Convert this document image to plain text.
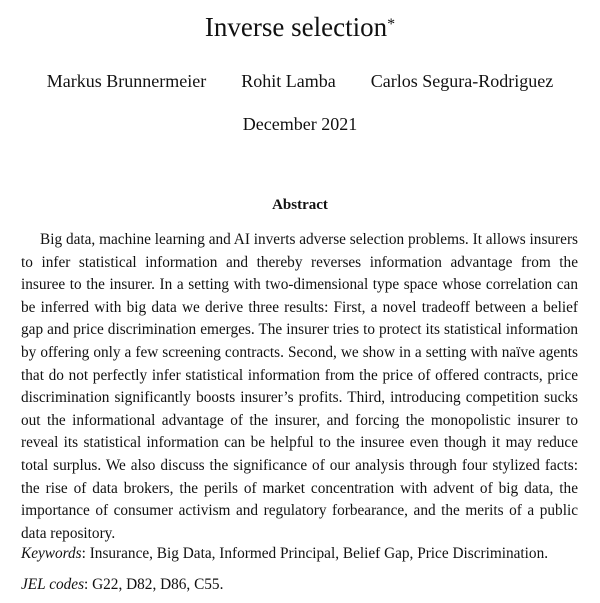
Inverse selection*
Markus Brunnermeier Rohit Lamba Carlos Segura-Rodriguez
December 2021
Abstract
Big data, machine learning and AI inverts adverse selection problems. It allows insurers to infer statistical information and thereby reverses information advantage from the insuree to the insurer. In a setting with two-dimensional type space whose correlation can be inferred with big data we derive three results: First, a novel tradeoff between a belief gap and price discrimination emerges. The insurer tries to protect its statistical information by offering only a few screening contracts. Second, we show in a setting with naïve agents that do not perfectly infer statistical information from the price of offered contracts, price discrimination significantly boosts insurer’s profits. Third, introducing competition sucks out the informational advantage of the insurer, and forcing the monopolistic insurer to reveal its statistical information can be helpful to the insuree even though it may reduce total surplus. We also discuss the significance of our analysis through four stylized facts: the rise of data brokers, the perils of market concentration with advent of big data, the importance of consumer activism and regulatory forbearance, and the merits of a public data repository.
Keywords: Insurance, Big Data, Informed Principal, Belief Gap, Price Discrimination.
JEL codes: G22, D82, D86, C55.
